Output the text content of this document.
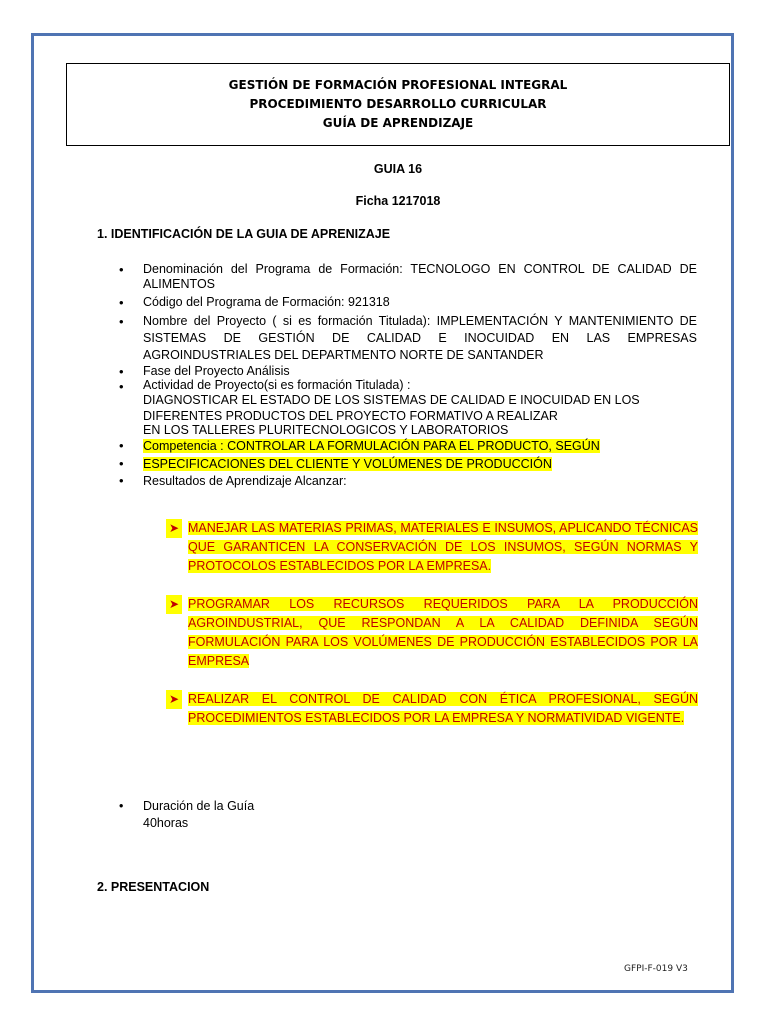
GESTIÓN DE FORMACIÓN PROFESIONAL INTEGRAL
PROCEDIMIENTO DESARROLLO CURRICULAR
GUÍA DE APRENDIZAJE
GUIA 16
Ficha 1217018
1. IDENTIFICACIÓN DE LA GUIA DE APRENIZAJE
• Denominación del Programa de Formación: TECNOLOGO EN CONTROL DE CALIDAD DE ALIMENTOS
• Código del Programa de Formación: 921318
• Nombre del Proyecto ( si es formación Titulada): IMPLEMENTACIÓN Y MANTENIMIENTO DE SISTEMAS DE GESTIÓN DE CALIDAD E INOCUIDAD EN LAS EMPRESAS AGROINDUSTRIALES DEL DEPARTMENTO NORTE DE SANTANDER
• Fase del Proyecto Análisis
• Actividad de Proyecto(si es formación Titulada) :
DIAGNOSTICAR EL ESTADO DE LOS SISTEMAS DE CALIDAD E INOCUIDAD EN LOS DIFERENTES PRODUCTOS DEL PROYECTO FORMATIVO A REALIZAR
EN LOS TALLERES PLURITECNOLOGICOS Y LABORATORIOS
• Competencia : CONTROLAR LA FORMULACIÓN PARA EL PRODUCTO, SEGÚN
• ESPECIFICACIONES DEL CLIENTE Y VOLÚMENES DE PRODUCCIÓN
• Resultados de Aprendizaje Alcanzar:
➤ MANEJAR LAS MATERIAS PRIMAS, MATERIALES E INSUMOS, APLICANDO TÉCNICAS QUE GARANTICEN LA CONSERVACIÓN DE LOS INSUMOS, SEGÚN NORMAS Y PROTOCOLOS ESTABLECIDOS POR LA EMPRESA.
➤ PROGRAMAR LOS RECURSOS REQUERIDOS PARA LA PRODUCCIÓN AGROINDUSTRIAL, QUE RESPONDAN A LA CALIDAD DEFINIDA SEGÚN FORMULACIÓN PARA LOS VOLÚMENES DE PRODUCCIÓN ESTABLECIDOS POR LA EMPRESA
➤ REALIZAR EL CONTROL DE CALIDAD CON ÉTICA PROFESIONAL, SEGÚN PROCEDIMIENTOS ESTABLECIDOS POR LA EMPRESA Y NORMATIVIDAD VIGENTE.
• Duración de la Guía
40horas
2. PRESENTACION
GFPI-F-019 V3
